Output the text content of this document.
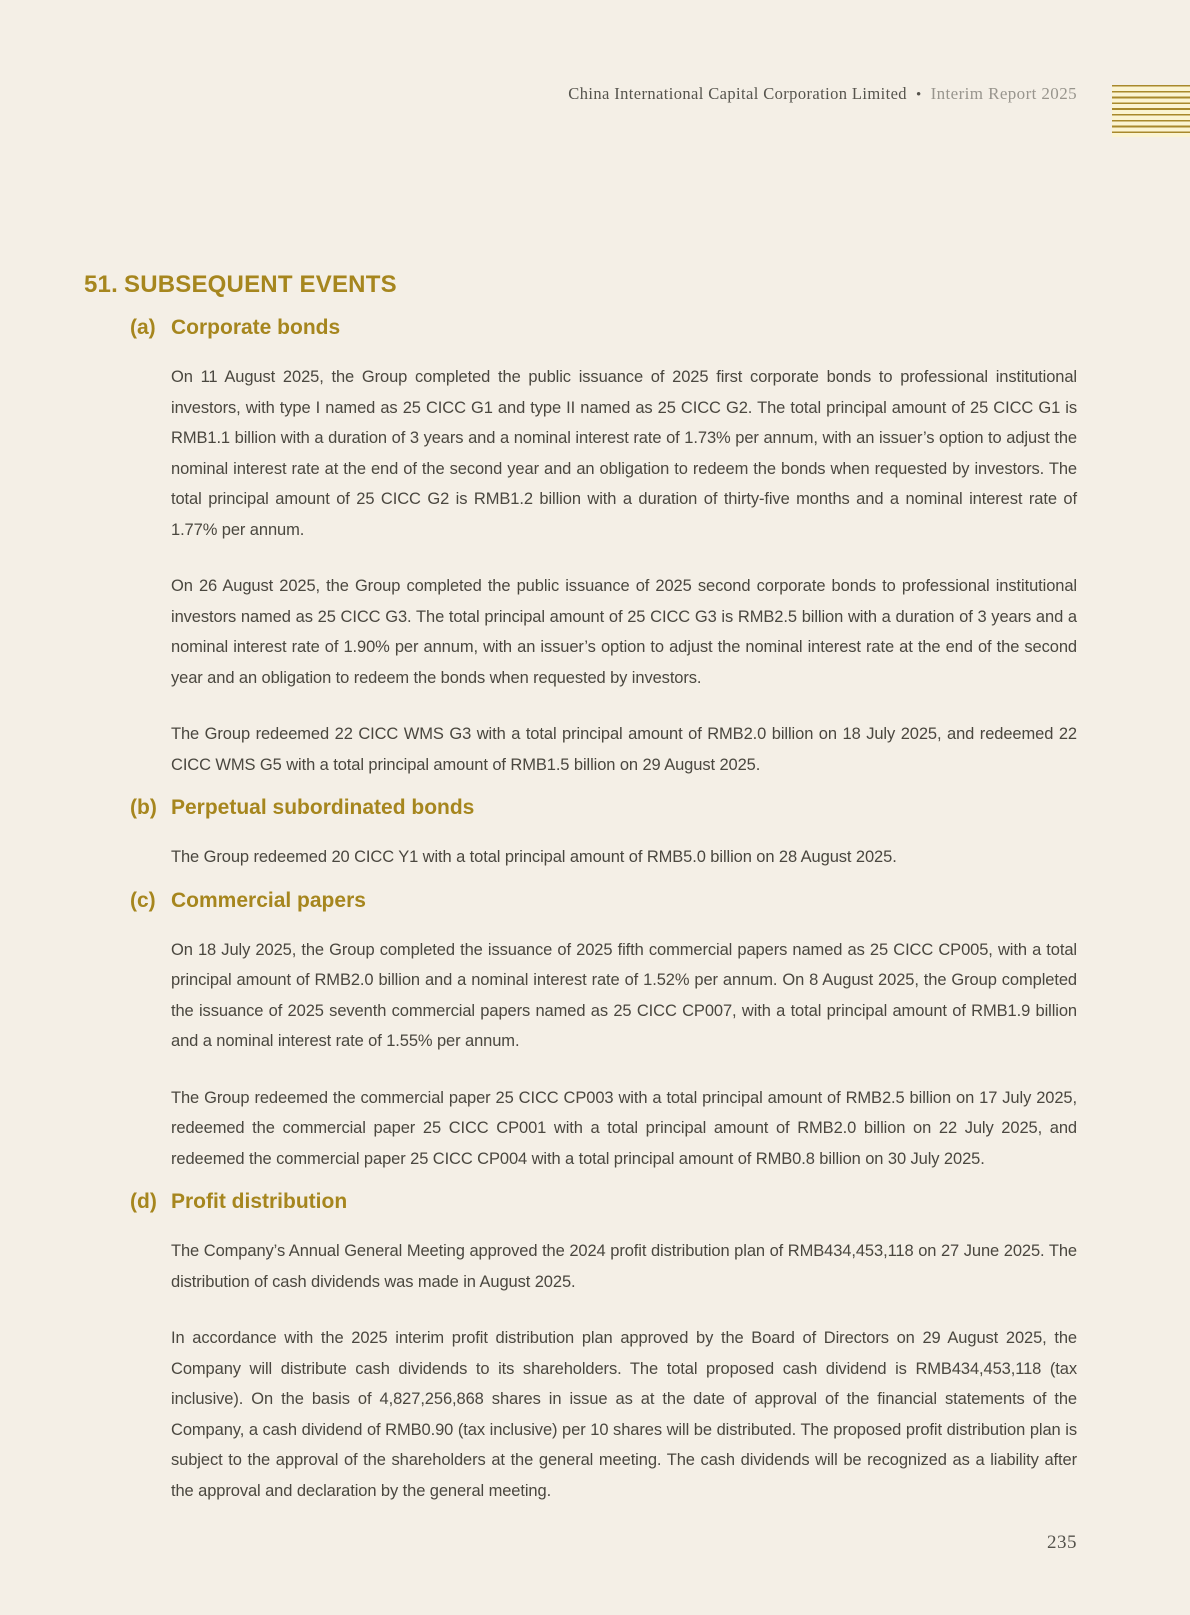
China International Capital Corporation Limited • Interim Report 2025
51. SUBSEQUENT EVENTS
(a) Corporate bonds

On 11 August 2025, the Group completed the public issuance of 2025 first corporate bonds to professional institutional investors, with type I named as 25 CICC G1 and type II named as 25 CICC G2. The total principal amount of 25 CICC G1 is RMB1.1 billion with a duration of 3 years and a nominal interest rate of 1.73% per annum, with an issuer’s option to adjust the nominal interest rate at the end of the second year and an obligation to redeem the bonds when requested by investors. The total principal amount of 25 CICC G2 is RMB1.2 billion with a duration of thirty-five months and a nominal interest rate of 1.77% per annum.

On 26 August 2025, the Group completed the public issuance of 2025 second corporate bonds to professional institutional investors named as 25 CICC G3. The total principal amount of 25 CICC G3 is RMB2.5 billion with a duration of 3 years and a nominal interest rate of 1.90% per annum, with an issuer’s option to adjust the nominal interest rate at the end of the second year and an obligation to redeem the bonds when requested by investors.

The Group redeemed 22 CICC WMS G3 with a total principal amount of RMB2.0 billion on 18 July 2025, and redeemed 22 CICC WMS G5 with a total principal amount of RMB1.5 billion on 29 August 2025.

(b) Perpetual subordinated bonds

The Group redeemed 20 CICC Y1 with a total principal amount of RMB5.0 billion on 28 August 2025.

(c) Commercial papers

On 18 July 2025, the Group completed the issuance of 2025 fifth commercial papers named as 25 CICC CP005, with a total principal amount of RMB2.0 billion and a nominal interest rate of 1.52% per annum. On 8 August 2025, the Group completed the issuance of 2025 seventh commercial papers named as 25 CICC CP007, with a total principal amount of RMB1.9 billion and a nominal interest rate of 1.55% per annum.

The Group redeemed the commercial paper 25 CICC CP003 with a total principal amount of RMB2.5 billion on 17 July 2025, redeemed the commercial paper 25 CICC CP001 with a total principal amount of RMB2.0 billion on 22 July 2025, and redeemed the commercial paper 25 CICC CP004 with a total principal amount of RMB0.8 billion on 30 July 2025.

(d) Profit distribution

The Company’s Annual General Meeting approved the 2024 profit distribution plan of RMB434,453,118 on 27 June 2025. The distribution of cash dividends was made in August 2025.

In accordance with the 2025 interim profit distribution plan approved by the Board of Directors on 29 August 2025, the Company will distribute cash dividends to its shareholders. The total proposed cash dividend is RMB434,453,118 (tax inclusive). On the basis of 4,827,256,868 shares in issue as at the date of approval of the financial statements of the Company, a cash dividend of RMB0.90 (tax inclusive) per 10 shares will be distributed. The proposed profit distribution plan is subject to the approval of the shareholders at the general meeting. The cash dividends will be recognized as a liability after the approval and declaration by the general meeting.

235
